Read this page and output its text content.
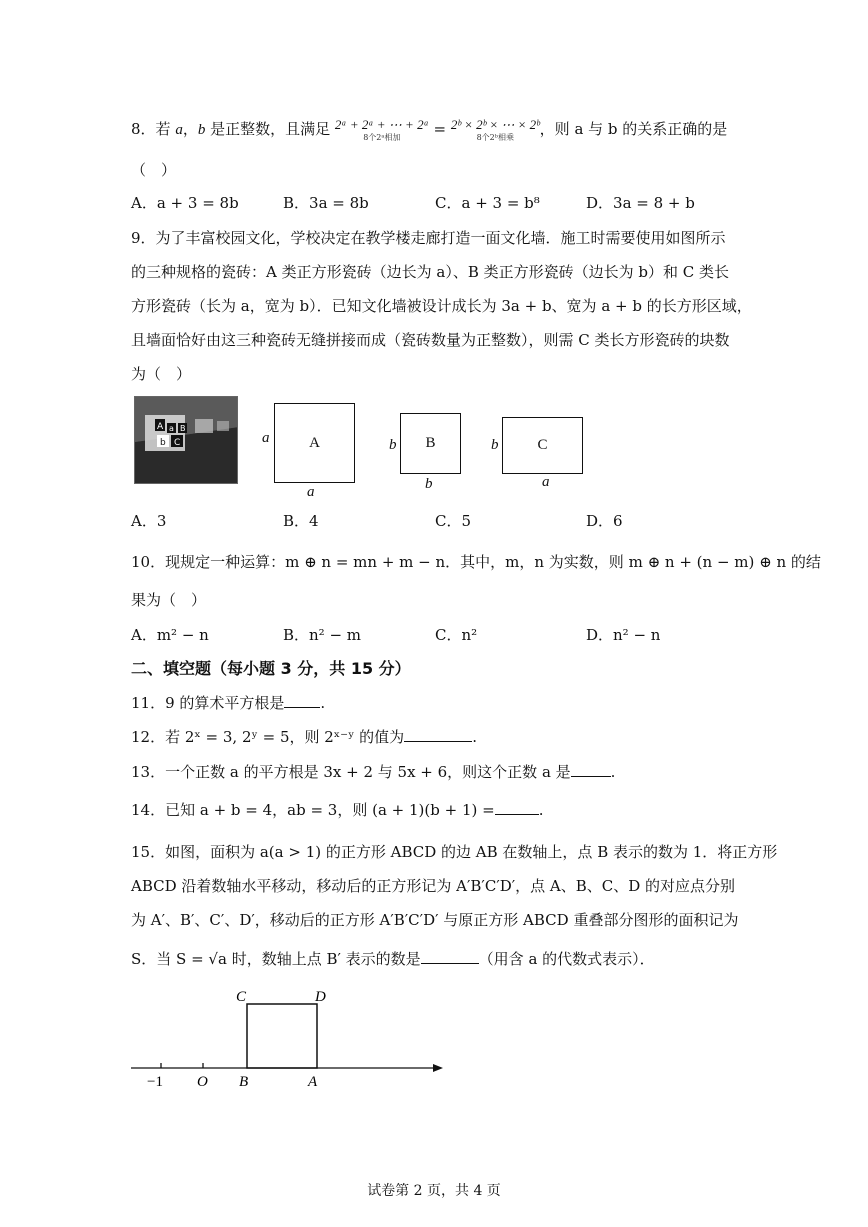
8．若 a，b 是正整数，且满足 2ᵃ + 2ᵃ + ⋯ + 2ᵃ
8个2ᵃ相加	= 2ᵇ × 2ᵇ × ⋯ × 2ᵇ
8个2ᵇ相乘	，则 a 与 b 的关系正确的是
（　）
A．a + 3 = 8b	B．3a = 8b	C．a + 3 = b⁸	D．3a = 8 + b
9．为了丰富校园文化，学校决定在教学楼走廊打造一面文化墙．施工时需要使用如图所示
的三种规格的瓷砖：A 类正方形瓷砖（边长为 a）、B 类正方形瓷砖（边长为 b）和 C 类长
方形瓷砖（长为 a，宽为 b）．已知文化墙被设计成长为 3a + b、宽为 a + b 的长方形区域，
且墙面恰好由这三种瓷砖无缝拼接而成（瓷砖数量为正整数），则需 C 类长方形瓷砖的块数
为（　）
A a B
b C	A
a
a
B
b
b
C
b
a
A．3	B．4	C．5	D．6
10．现规定一种运算：m ⊕ n = mn + m − n．其中，m，n 为实数，则 m ⊕ n + (n − m) ⊕ n 的结
果为（　）
A．m² − n	B．n² − m	C．n²	D．n² − n
二、填空题（每小题 3 分，共 15 分）
11．9 的算术平方根是 .
12．若 2ˣ = 3, 2ʸ = 5，则 2ˣ⁻ʸ 的值为	.
13．一个正数 a 的平方根是 3x + 2 与 5x + 6，则这个正数 a 是	.
14．已知 a + b = 4，ab = 3，则 (a + 1)(b + 1) =	.
15．如图，面积为 a(a > 1) 的正方形 ABCD 的边 AB 在数轴上，点 B 表示的数为 1．将正方形
ABCD 沿着数轴水平移动，移动后的正方形记为 A′B′C′D′，点 A、B、C、D 的对应点分别
为 A′、B′、C′、D′，移动后的正方形 A′B′C′D′ 与原正方形 ABCD 重叠部分图形的面积记为
S．当 S = √a 时，数轴上点 B′ 表示的数是	（用含 a 的代数式表示）．
C	D
−1 O B	A
试卷第 2 页，共 4 页
